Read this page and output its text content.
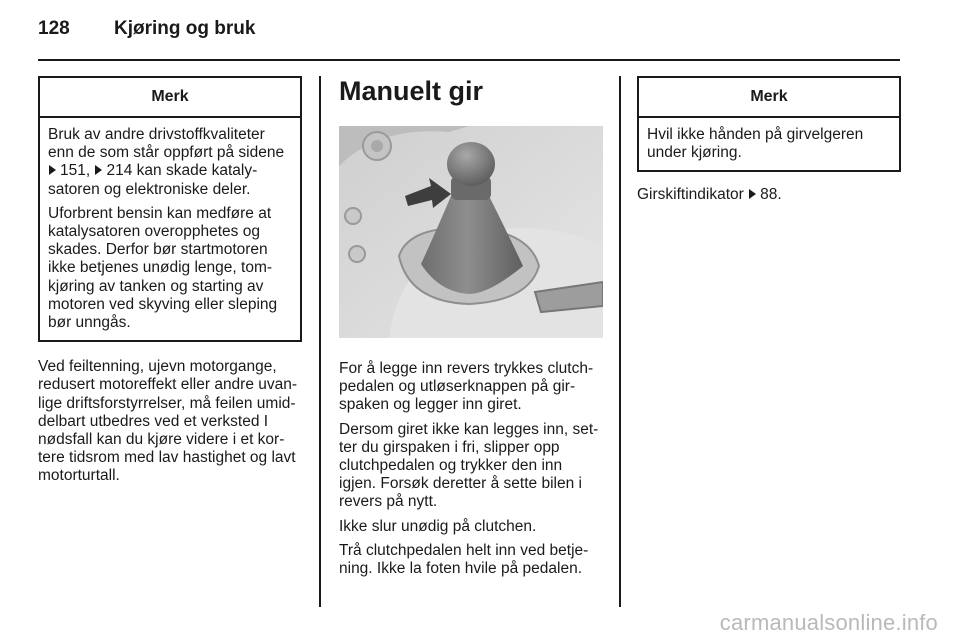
128	Kjøring og bruk
Merk

Bruk av andre drivstoffkvaliteter enn de som står oppført på sidene
151, 214 kan skade kataly-satoren og elektroniske deler.

Uforbrent bensin kan medføre at katalysatoren overopphetes og skades. Derfor bør startmotoren ikke betjenes unødig lenge, tom-kjøring av tanken og starting av motoren ved skyving eller sleping bør unngås.

Ved feiltenning, ujevn motorgange, redusert motoreffekt eller andre uvan-lige driftsforstyrrelser, må feilen umid-delbart utbedres ved et verksted I nødsfall kan du kjøre videre i et kor-tere tidsrom med lav hastighet og lavt motorturtall.

Manuelt gir

For å legge inn revers trykkes clutch-pedalen og utløserknappen på gir-spaken og legger inn giret.

Dersom giret ikke kan legges inn, set-ter du girspaken i fri, slipper opp clutchpedalen og trykker den inn igjen. Forsøk deretter å sette bilen i revers på nytt.

Ikke slur unødig på clutchen.

Trå clutchpedalen helt inn ved betje-ning. Ikke la foten hvile på pedalen.

Merk

Hvil ikke hånden på girvelgeren under kjøring.

Girskiftindikator 88.

carmanualsonline.info
